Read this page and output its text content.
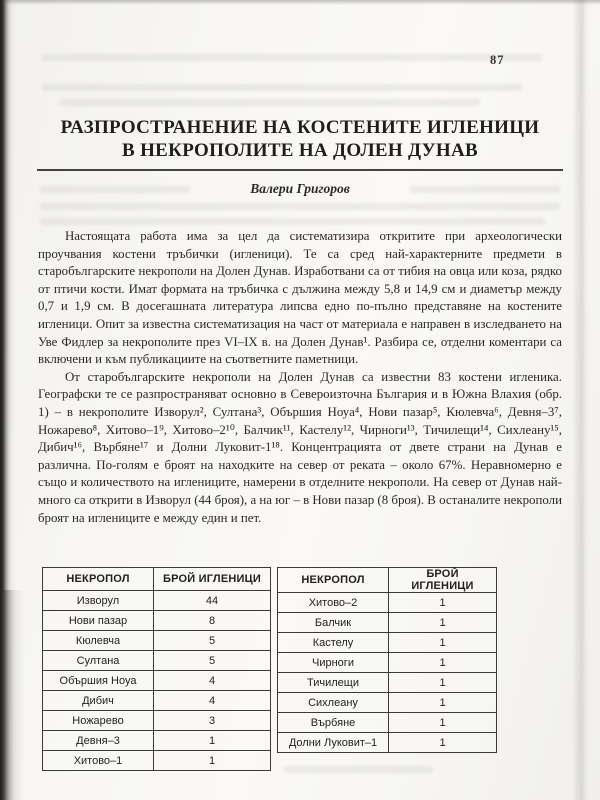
87
РАЗПРОСТРАНЕНИЕ НА КОСТЕНИТЕ ИГЛЕНИЦИ
В НЕКРОПОЛИТЕ НА ДОЛЕН ДУНАВ
Валери Григоров

Настоящата работа има за цел да систематизира откритите при археологически проучвания костени тръбички (игленици). Те са сред най-характерните предмети в старобългарските некрополи на Долен Дунав. Изработвани са от тибия на овца или коза, рядко от птичи кости. Имат формата на тръбичка с дължина между 5,8 и 14,9 см и диаметър между 0,7 и 1,9 см. В досегашната литература липсва едно по-пълно представяне на костените игленици. Опит за известна систематизация на част от материала е направен в изследването на Уве Фидлер за некрополите през VI–IX в. на Долен Дунав¹. Разбира се, отделни коментари са включени и към публикациите на съответните паметници.

От старобългарските некрополи на Долен Дунав са известни 83 костени игленика. Географски те се разпространяват основно в Североизточна България и в Южна Влахия (обр. 1) – в некрополите Изворул², Султана³, Обършия Ноуа⁴, Нови пазар⁵, Кюлевча⁶, Девня–3⁷, Ножарево⁸, Хитово–1⁹, Хитово–2¹⁰, Балчик¹¹, Кастелу¹², Чирноги¹³, Тичилещи¹⁴, Сихлеану¹⁵, Дибич¹⁶, Върбяне¹⁷ и Долни Луковит-1¹⁸. Концентрацията от двете страни на Дунав е различна. По-голям е броят на находките на север от реката – около 67%. Неравномерно е също и количеството на иглениците, намерени в отделните некрополи. На север от Дунав най-много са открити в Изворул (44 броя), а на юг – в Нови пазар (8 броя). В останалите некрополи броят на иглениците е между един и пет.

НЕКРОПОЛ	БРОЙ ИГЛЕНИЦИ
Изворул	44
Нови пазар	8
Кюлевча	5
Султана	5
Обършия Ноуа	4
Дибич	4
Ножарево	3
Девня–3	1
Хитово–1	1
НЕКРОПОЛ	БРОЙ ИГЛЕНИЦИ
Хитово–2	1
Балчик	1
Кастелу	1
Чирноги	1
Тичилещи	1
Сихлеану	1
Върбяне	1
Долни Луковит–1	1
